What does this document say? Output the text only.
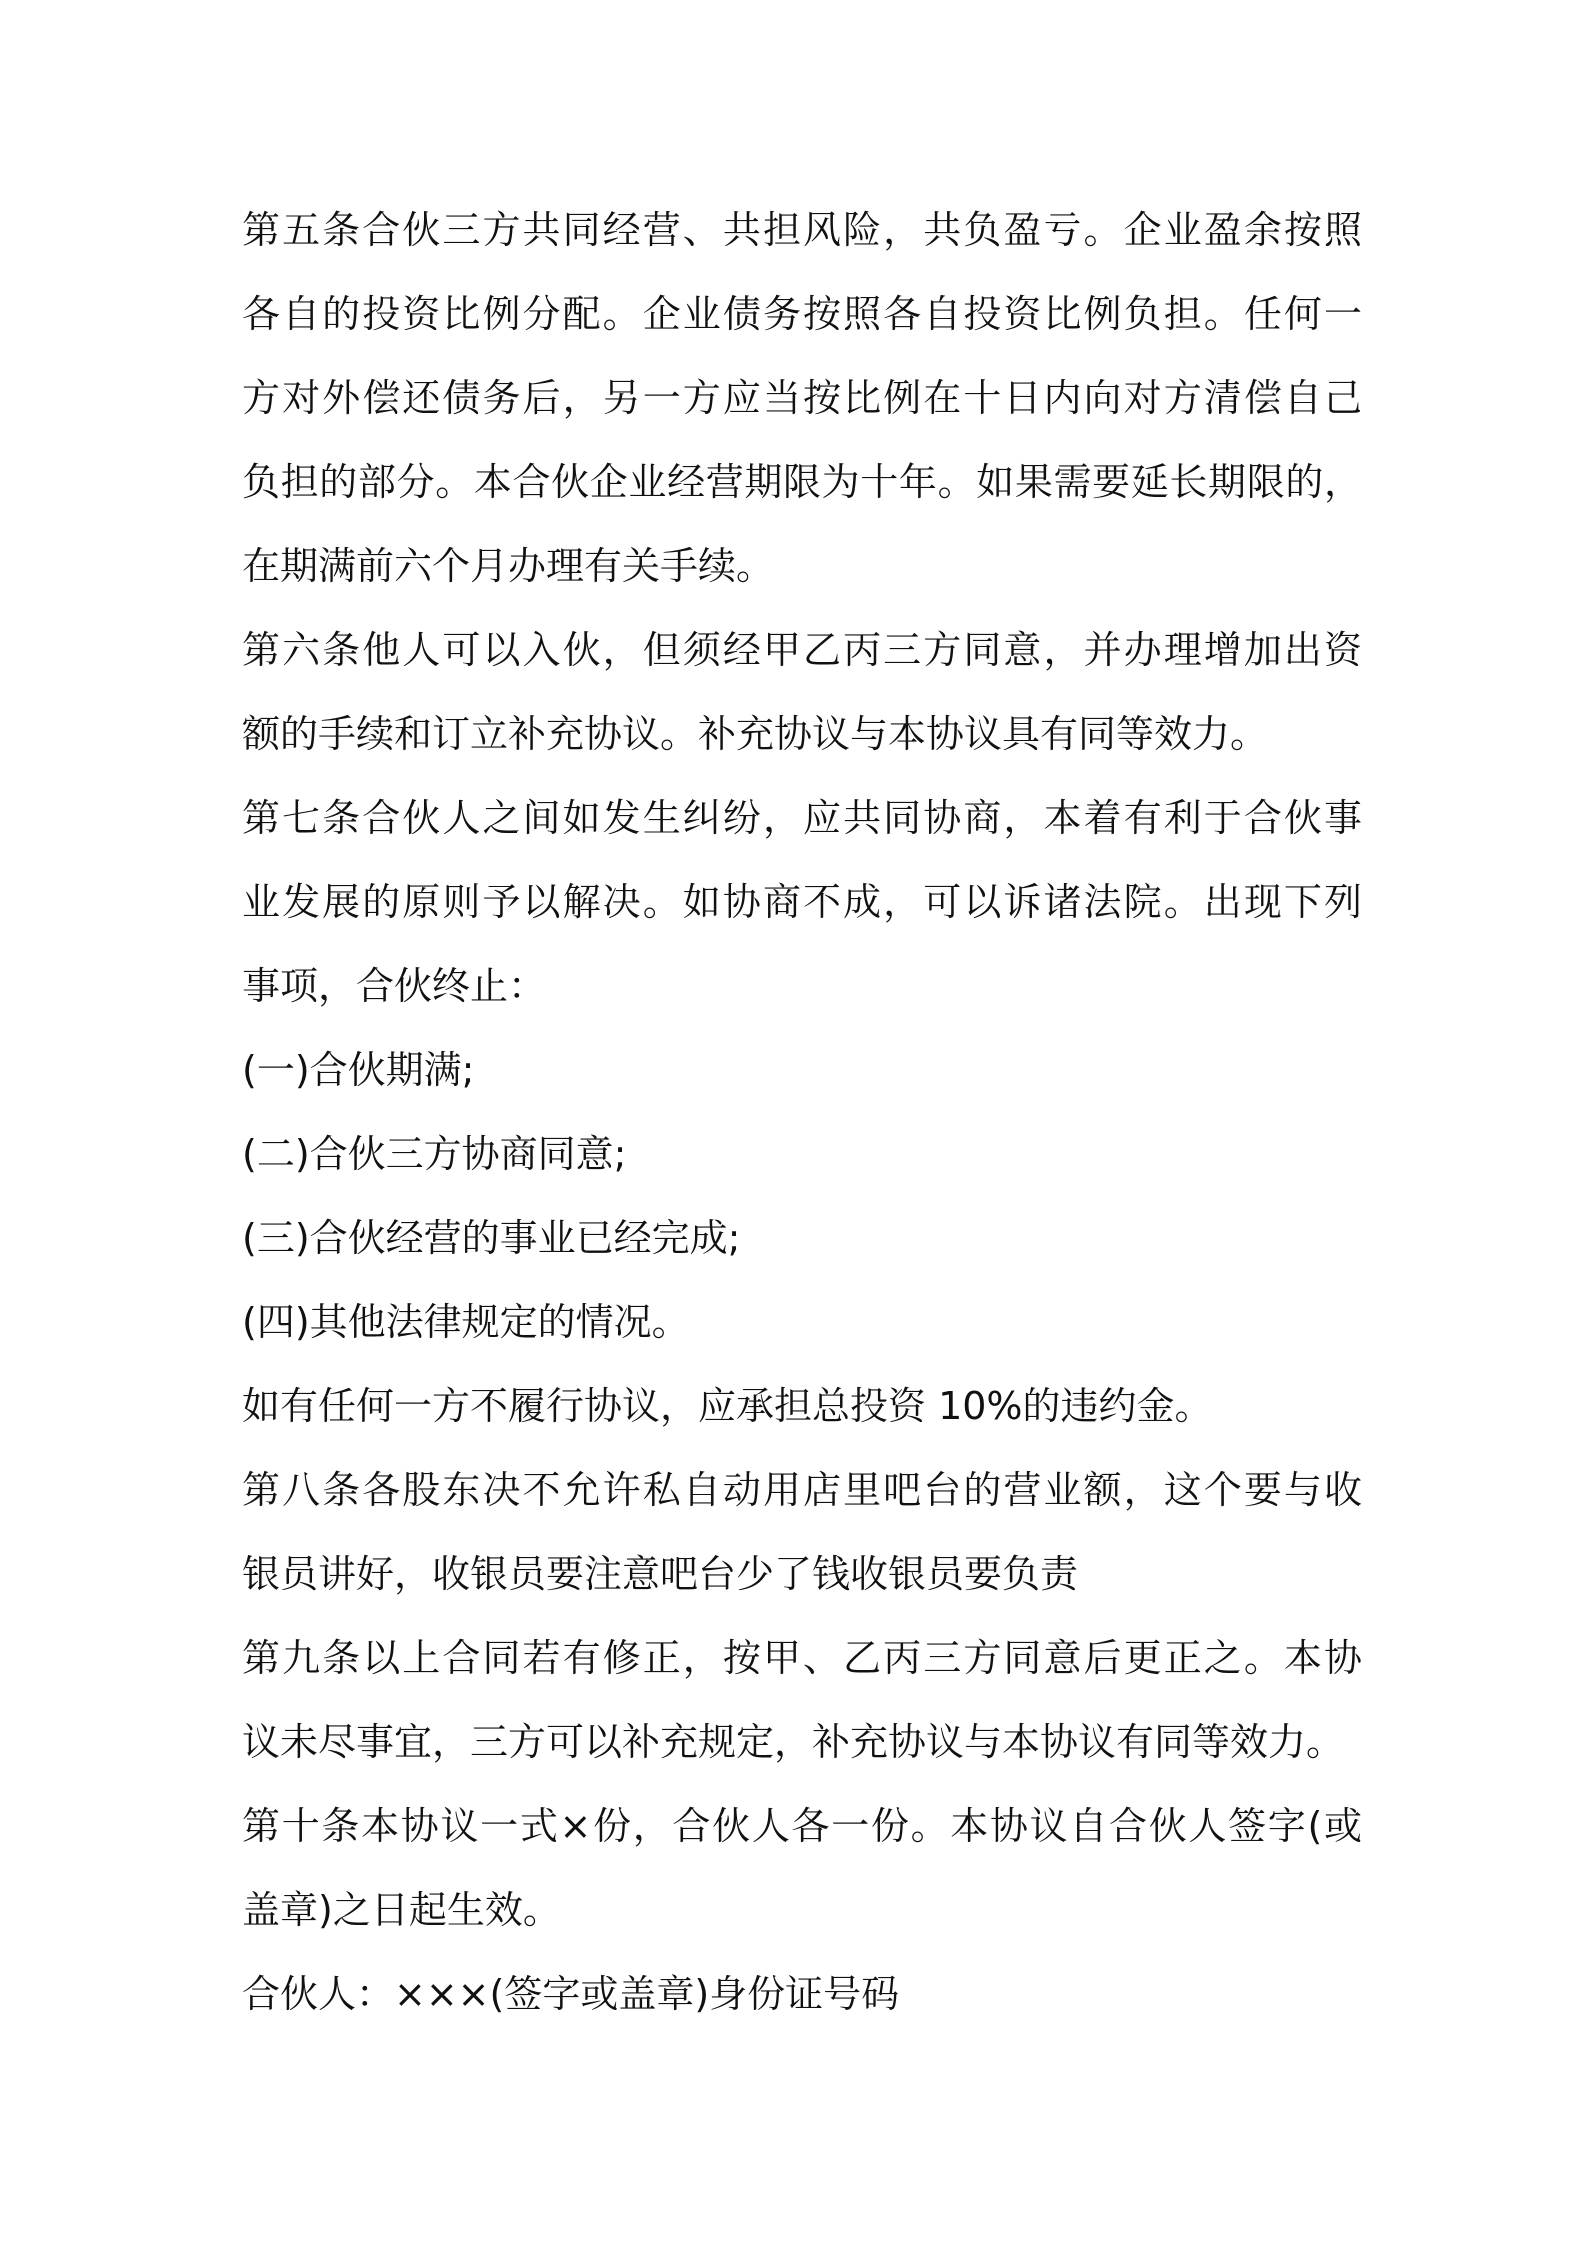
第五条合伙三方共同经营、共担风险，共负盈亏。企业盈余按照
各自的投资比例分配。企业债务按照各自投资比例负担。任何一
方对外偿还债务后，另一方应当按比例在十日内向对方清偿自己
负担的部分。本合伙企业经营期限为十年。如果需要延长期限的，
在期满前六个月办理有关手续。

第六条他人可以入伙，但须经甲乙丙三方同意，并办理增加出资
额的手续和订立补充协议。补充协议与本协议具有同等效力。

第七条合伙人之间如发生纠纷，应共同协商，本着有利于合伙事
业发展的原则予以解决。如协商不成，可以诉诸法院。出现下列
事项，合伙终止：

(一)合伙期满;

(二)合伙三方协商同意;

(三)合伙经营的事业已经完成;

(四)其他法律规定的情况。

如有任何一方不履行协议，应承担总投资 10%的违约金。

第八条各股东决不允许私自动用店里吧台的营业额，这个要与收
银员讲好，收银员要注意吧台少了钱收银员要负责

第九条以上合同若有修正，按甲、乙丙三方同意后更正之。本协
议未尽事宜，三方可以补充规定，补充协议与本协议有同等效力。

第十条本协议一式×份，合伙人各一份。本协议自合伙人签字(或
盖章)之日起生效。

合伙人：×××(签字或盖章)身份证号码
